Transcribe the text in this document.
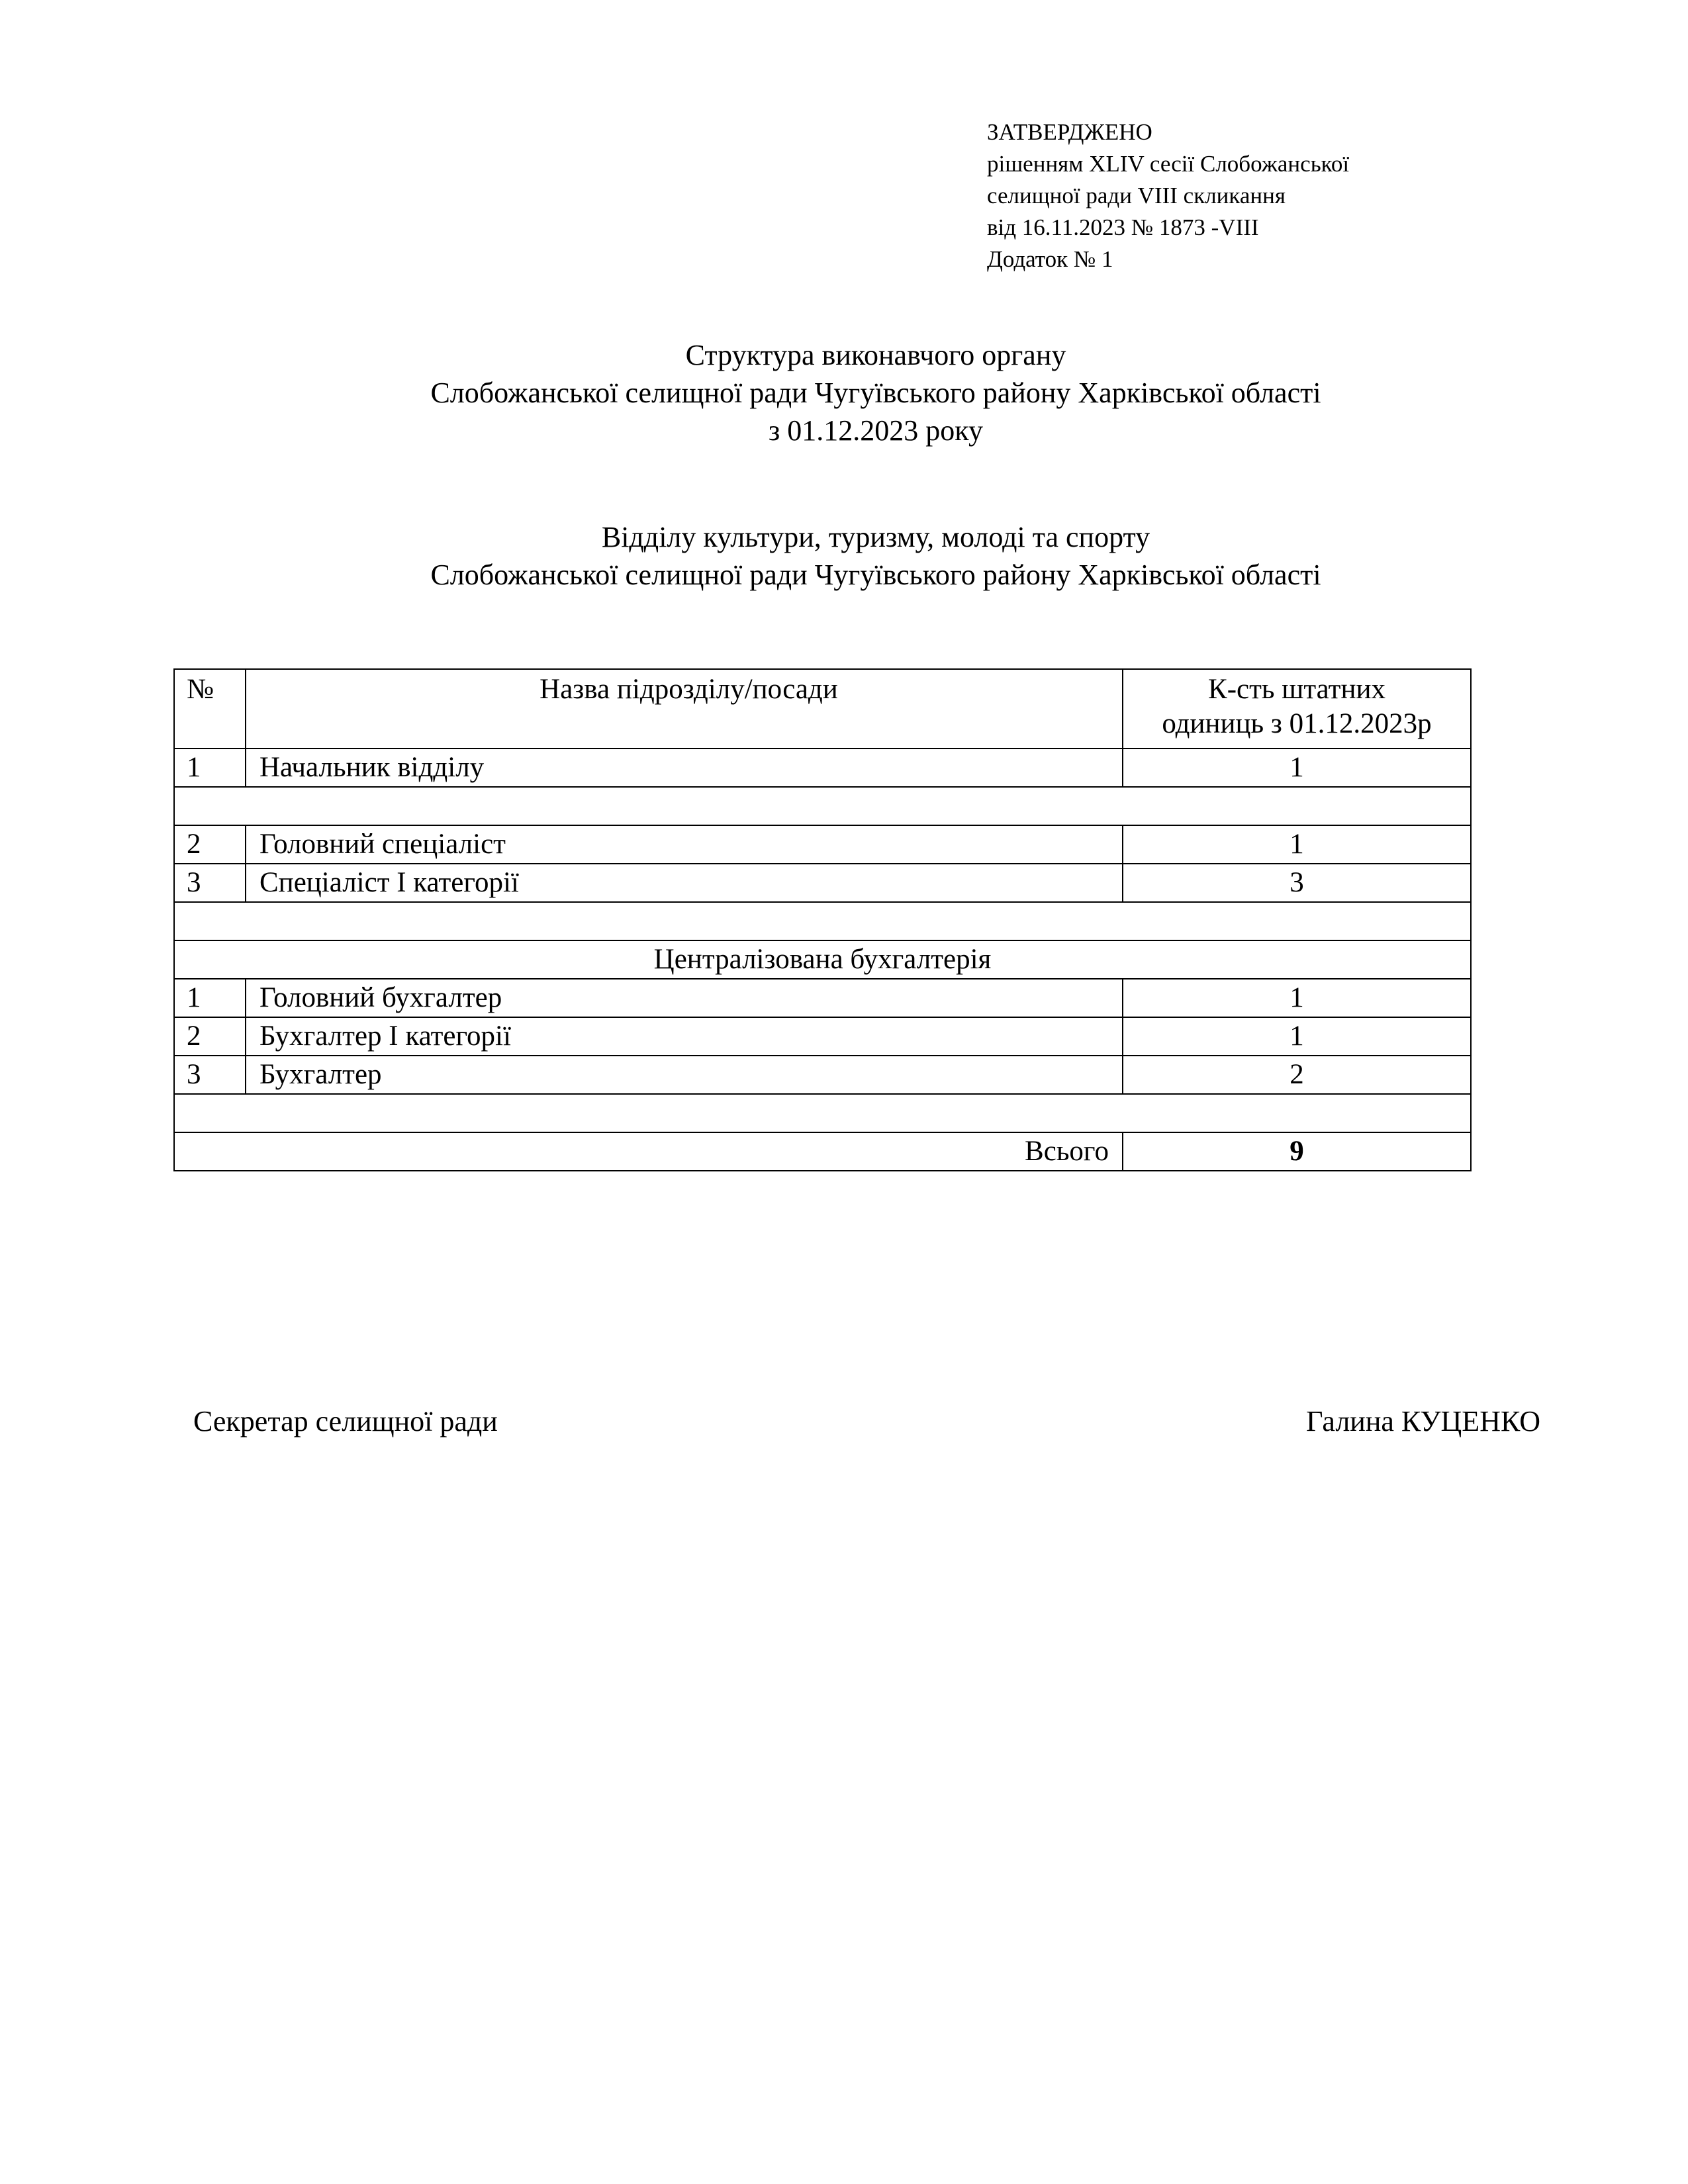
ЗАТВЕРДЖЕНО
рішенням XLIV сесії Слобожанської
селищної ради VIII скликання
від 16.11.2023 № 1873 -VIII
Додаток № 1
Структура виконавчого органу
Слобожанської селищної ради Чугуївського району Харківської області
з 01.12.2023 року
Відділу культури, туризму, молоді та спорту
Слобожанської селищної ради Чугуївського району Харківської області
№	Назва підрозділу/посади	К-сть штатних
одиниць з 01.12.2023р

1	Начальник відділу	1

2	Головний спеціаліст	1
3	Спеціаліст І категорії	3

Централізована бухгалтерія		
1	Головний бухгалтер	1
2	Бухгалтер І категорії	1
3	Бухгалтер	2

Всього		9
Секретар селищної ради	Галина КУЦЕНКО
